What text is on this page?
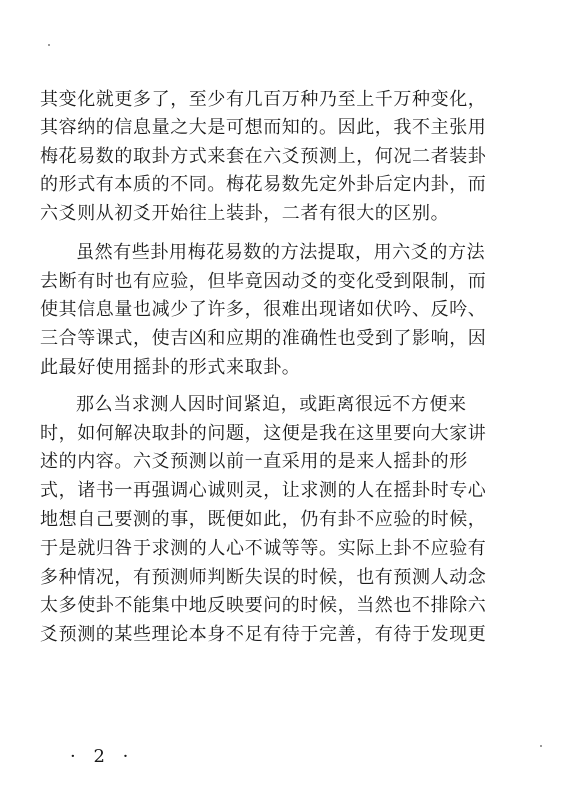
其变化就更多了，至少有几百万种乃至上千万种变化，
其容纳的信息量之大是可想而知的。因此，我不主张用
梅花易数的取卦方式来套在六爻预测上，何况二者装卦
的形式有本质的不同。梅花易数先定外卦后定内卦，而
六爻则从初爻开始往上装卦，二者有很大的区别。
虽然有些卦用梅花易数的方法提取，用六爻的方法
去断有时也有应验，但毕竟因动爻的变化受到限制，而
使其信息量也减少了许多，很难出现诸如伏吟、反吟、
三合等课式，使吉凶和应期的准确性也受到了影响，因
此最好使用摇卦的形式来取卦。
那么当求测人因时间紧迫，或距离很远不方便来
时，如何解决取卦的问题，这便是我在这里要向大家讲
述的内容。六爻预测以前一直采用的是来人摇卦的形
式，诸书一再强调心诚则灵，让求测的人在摇卦时专心
地想自己要测的事，既便如此，仍有卦不应验的时候，
于是就归咎于求测的人心不诚等等。实际上卦不应验有
多种情况，有预测师判断失误的时候，也有预测人动念
太多使卦不能集中地反映要问的时候，当然也不排除六
爻预测的某些理论本身不足有待于完善，有待于发现更
· 2 ·
